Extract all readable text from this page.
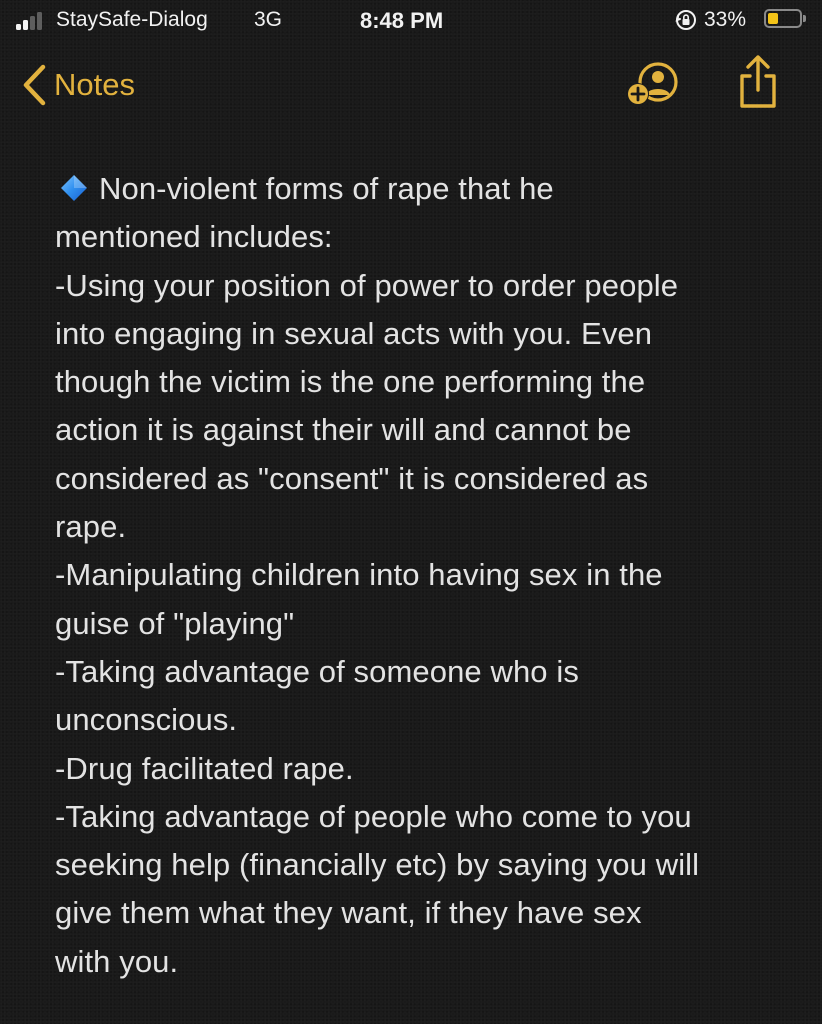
StaySafe-Dialog 3G	8:48 PM	33%
Notes
Non-violent forms of rape that he
mentioned includes:
-Using your position of power to order people
into engaging in sexual acts with you. Even
though the victim is the one performing the
action it is against their will and cannot be
considered as "consent" it is considered as
rape.
-Manipulating children into having sex in the
guise of "playing"
-Taking advantage of someone who is
unconscious.
-Drug facilitated rape.
-Taking advantage of people who come to you
seeking help (financially etc) by saying you will
give them what they want, if they have sex
with you.
